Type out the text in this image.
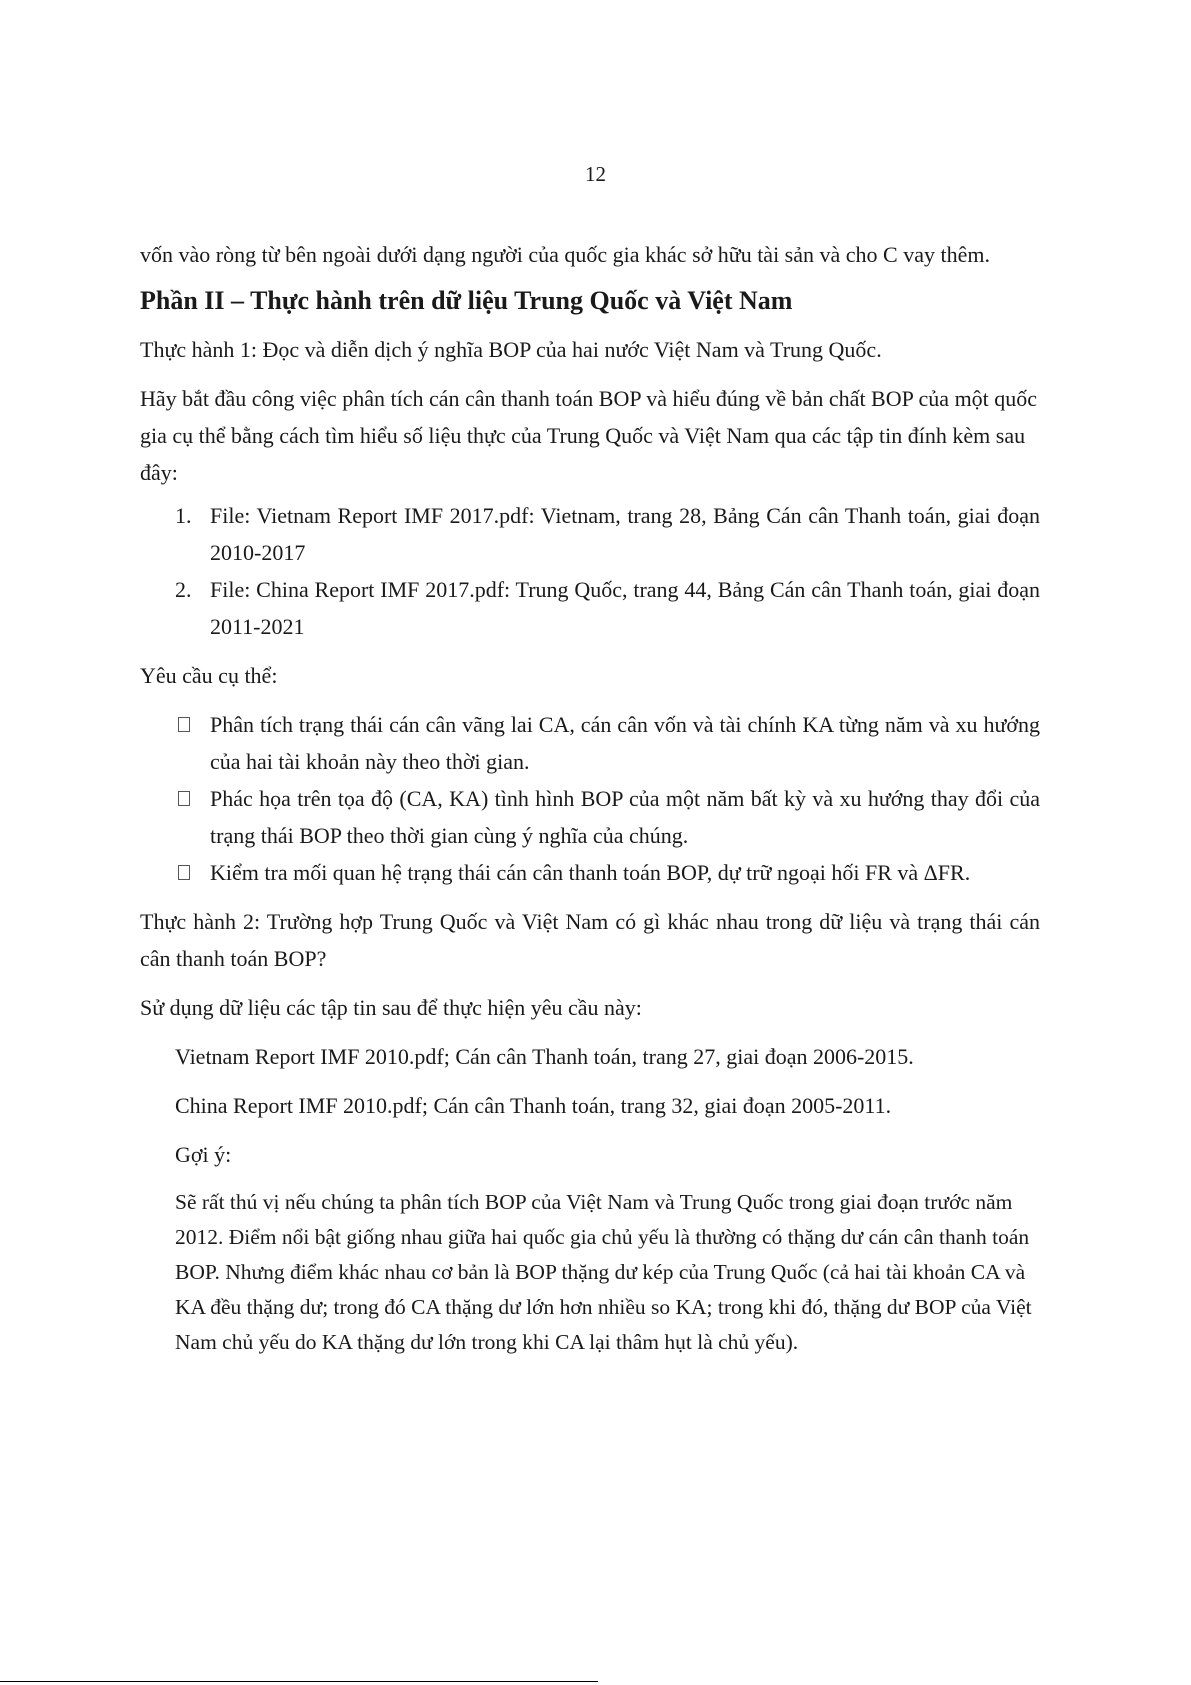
12

vốn vào ròng từ bên ngoài dưới dạng người của quốc gia khác sở hữu tài sản và cho C vay thêm.

Phần II – Thực hành trên dữ liệu Trung Quốc và Việt Nam

Thực hành 1: Đọc và diễn dịch ý nghĩa BOP của hai nước Việt Nam và Trung Quốc.

Hãy bắt đầu công việc phân tích cán cân thanh toán BOP và hiểu đúng về bản chất BOP của một quốc gia cụ thể bằng cách tìm hiểu số liệu thực của Trung Quốc và Việt Nam qua các tập tin đính kèm sau đây:

1. File: Vietnam Report IMF 2017.pdf: Vietnam, trang 28, Bảng Cán cân Thanh toán, giai đoạn 2010-2017
2. File: China Report IMF 2017.pdf: Trung Quốc, trang 44, Bảng Cán cân Thanh toán, giai đoạn 2011-2021

Yêu cầu cụ thể:

Phân tích trạng thái cán cân vãng lai CA, cán cân vốn và tài chính KA từng năm và xu hướng của hai tài khoản này theo thời gian.
Phác họa trên tọa độ (CA, KA) tình hình BOP của một năm bất kỳ và xu hướng thay đổi của trạng thái BOP theo thời gian cùng ý nghĩa của chúng.
Kiểm tra mối quan hệ trạng thái cán cân thanh toán BOP, dự trữ ngoại hối FR và ΔFR.

Thực hành 2: Trường hợp Trung Quốc và Việt Nam có gì khác nhau trong dữ liệu và trạng thái cán cân thanh toán BOP?

Sử dụng dữ liệu các tập tin sau để thực hiện yêu cầu này:

Vietnam Report IMF 2010.pdf; Cán cân Thanh toán, trang 27, giai đoạn 2006-2015.

China Report IMF 2010.pdf; Cán cân Thanh toán, trang 32, giai đoạn 2005-2011.

Gợi ý:

Sẽ rất thú vị nếu chúng ta phân tích BOP của Việt Nam và Trung Quốc trong giai đoạn trước năm 2012. Điểm nổi bật giống nhau giữa hai quốc gia chủ yếu là thường có thặng dư cán cân thanh toán BOP. Nhưng điểm khác nhau cơ bản là BOP thặng dư kép của Trung Quốc (cả hai tài khoản CA và KA đều thặng dư; trong đó CA thặng dư lớn hơn nhiều so KA; trong khi đó, thặng dư BOP của Việt Nam chủ yếu do KA thặng dư lớn trong khi CA lại thâm hụt là chủ yếu).
